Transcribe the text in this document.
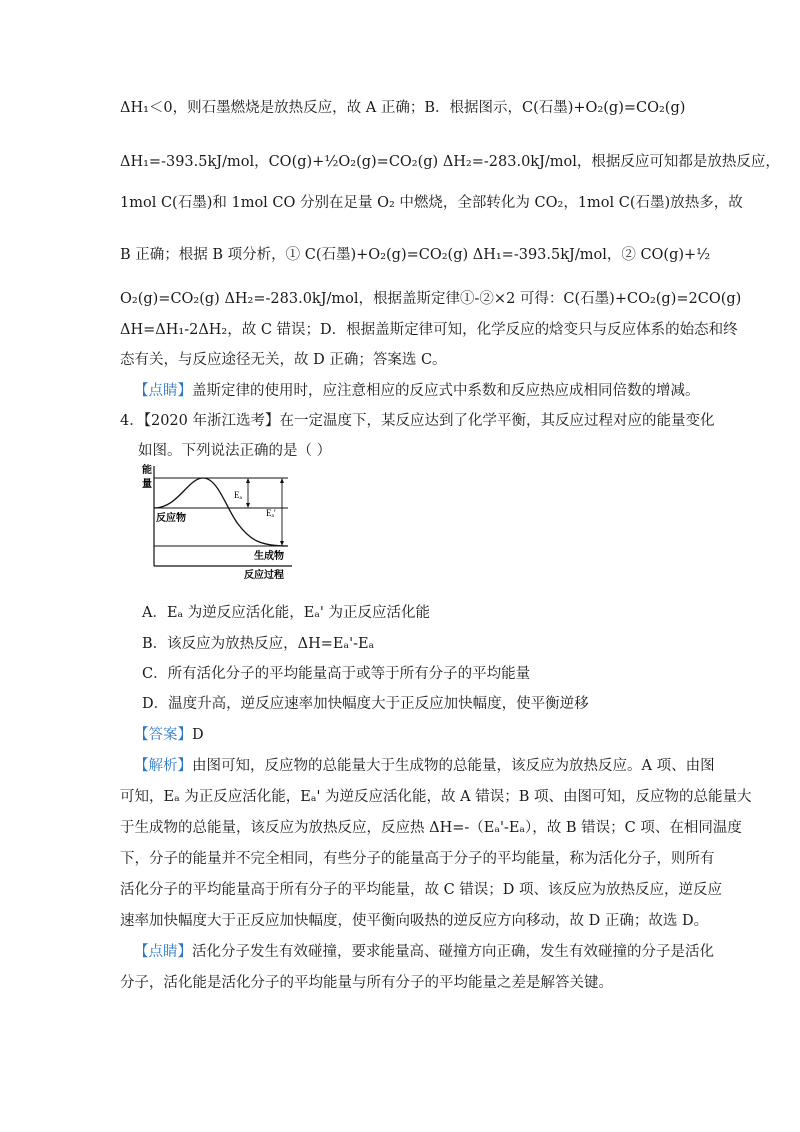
ΔH₁＜0，则石墨燃烧是放热反应，故 A 正确；B．根据图示，C(石墨)+O₂(g)=CO₂(g)
ΔH₁=-393.5kJ/mol，CO(g)+½O₂(g)=CO₂(g) ΔH₂=-283.0kJ/mol，根据反应可知都是放热反应，
1mol C(石墨)和 1mol CO 分别在足量 O₂ 中燃烧，全部转化为 CO₂，1mol C(石墨)放热多，故
B 正确；根据 B 项分析，① C(石墨)+O₂(g)=CO₂(g) ΔH₁=-393.5kJ/mol，② CO(g)+½
O₂(g)=CO₂(g) ΔH₂=-283.0kJ/mol，根据盖斯定律①-②×2 可得：C(石墨)+CO₂(g)=2CO(g)
ΔH=ΔH₁-2ΔH₂，故 C 错误；D．根据盖斯定律可知，化学反应的焓变只与反应体系的始态和终
态有关，与反应途径无关，故 D 正确；答案选 C。
【点睛】盖斯定律的使用时，应注意相应的反应式中系数和反应热应成相同倍数的增减。
4．【2020 年浙江选考】在一定温度下，某反应达到了化学平衡，其反应过程对应的能量变化
如图。下列说法正确的是（ ）
能
量
反应物
生成物
反应过程
Eₐ
Eₐ'
A．Eₐ 为逆反应活化能，Eₐ' 为正反应活化能
B．该反应为放热反应，ΔH=Eₐ'-Eₐ
C．所有活化分子的平均能量高于或等于所有分子的平均能量
D．温度升高，逆反应速率加快幅度大于正反应加快幅度，使平衡逆移
【答案】D
【解析】由图可知，反应物的总能量大于生成物的总能量，该反应为放热反应。A 项、由图
可知，Eₐ 为正反应活化能，Eₐ' 为逆反应活化能，故 A 错误；B 项、由图可知，反应物的总能量大
于生成物的总能量，该反应为放热反应，反应热 ΔH=-（Eₐ'-Eₐ），故 B 错误；C 项、在相同温度
下，分子的能量并不完全相同，有些分子的能量高于分子的平均能量，称为活化分子，则所有
活化分子的平均能量高于所有分子的平均能量，故 C 错误；D 项、该反应为放热反应，逆反应
速率加快幅度大于正反应加快幅度，使平衡向吸热的逆反应方向移动，故 D 正确；故选 D。
【点睛】活化分子发生有效碰撞，要求能量高、碰撞方向正确，发生有效碰撞的分子是活化
分子，活化能是活化分子的平均能量与所有分子的平均能量之差是解答关键。
